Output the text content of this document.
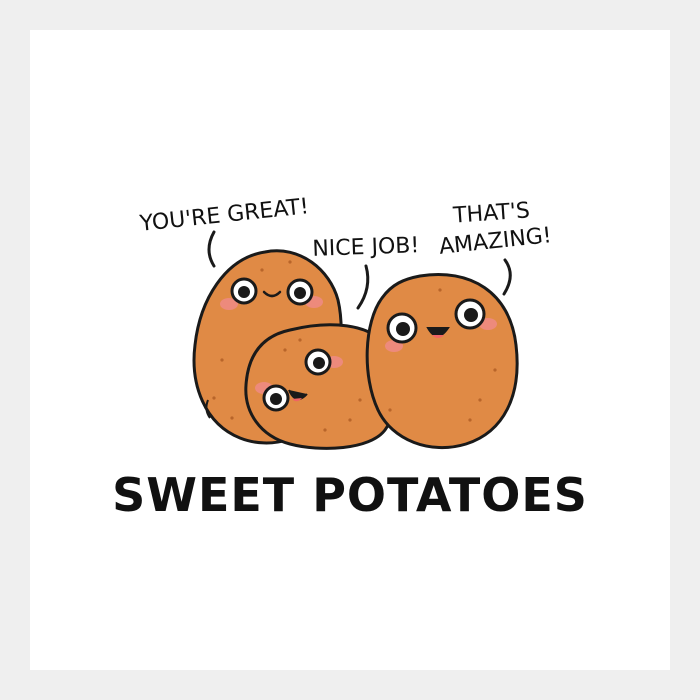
YOU'RE GREAT!
NICE JOB!
THAT'S
AMAZING!
SWEET POTATOES
